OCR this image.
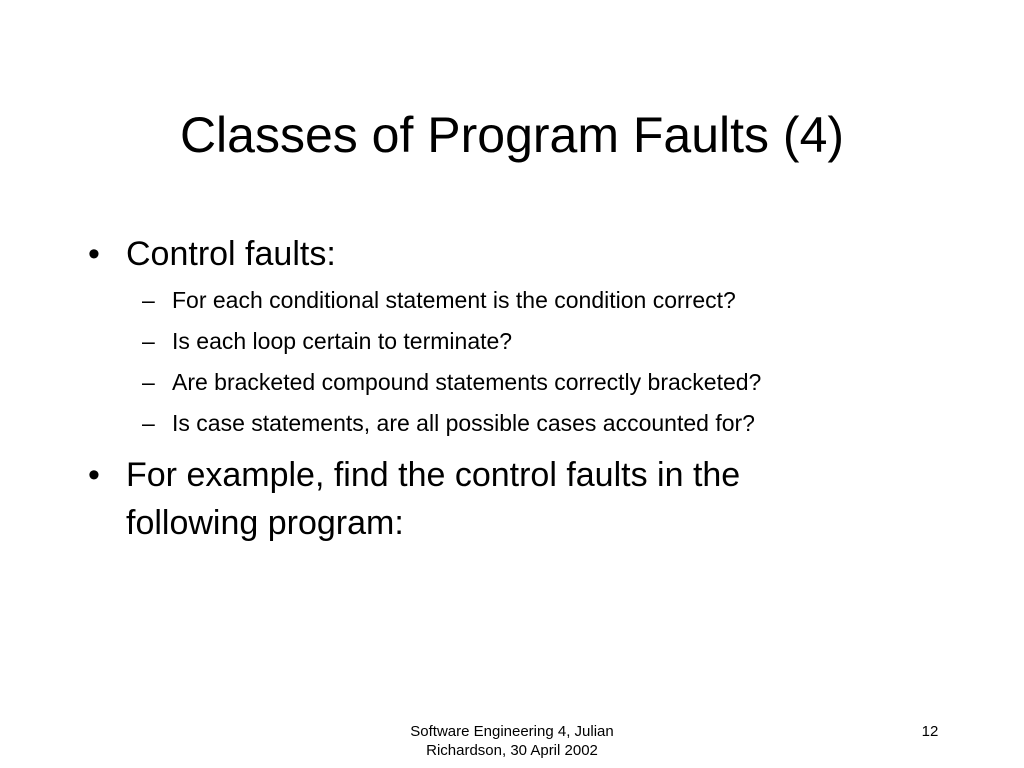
Classes of Program Faults (4)
• Control faults:
– For each conditional statement is the condition correct?
– Is each loop certain to terminate?
– Are bracketed compound statements correctly bracketed?
– Is case statements, are all possible cases accounted for?
• For example, find the control faults in the following program:
Software Engineering 4, Julian
Richardson, 30 April 2002
12
